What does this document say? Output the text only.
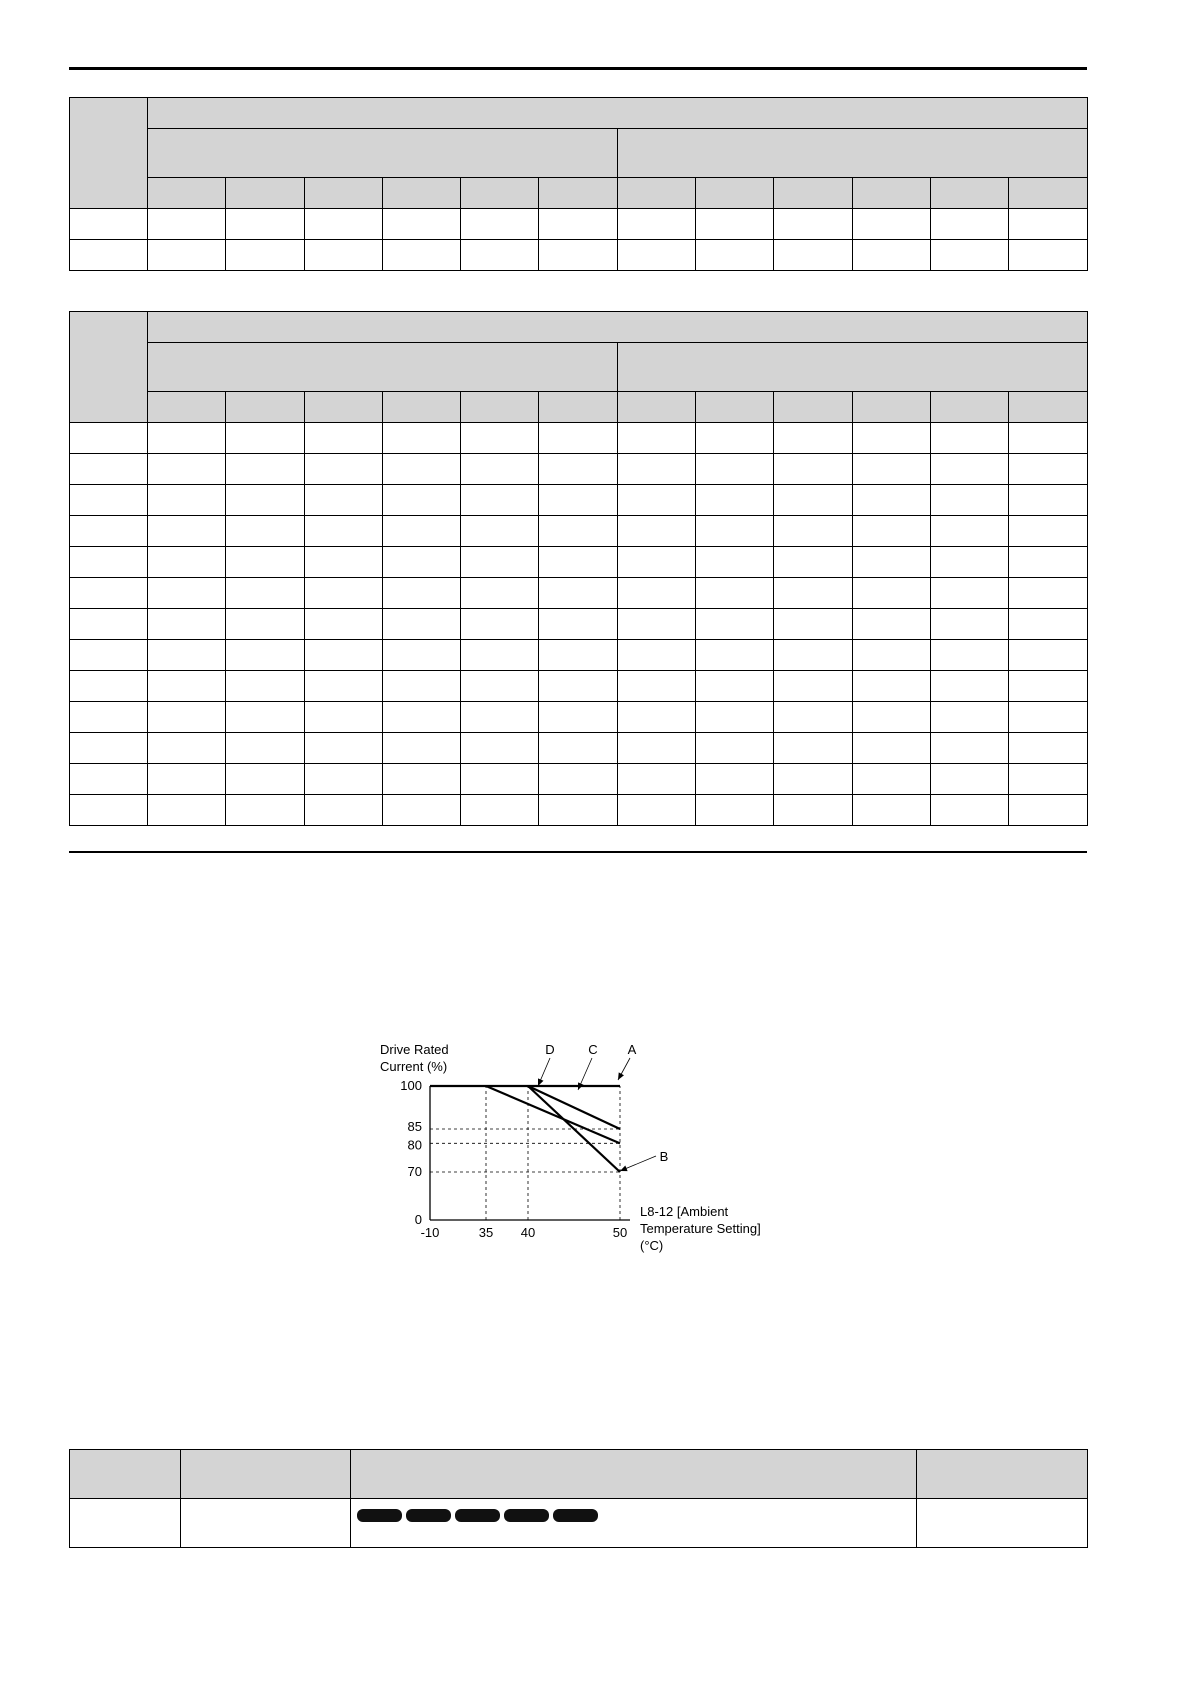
-10	35 40	50
100
85
80
70
0
Drive Rated
Current (%)
L8-12 [Ambient
Temperature Setting]
(°C)
A
B
C
D
